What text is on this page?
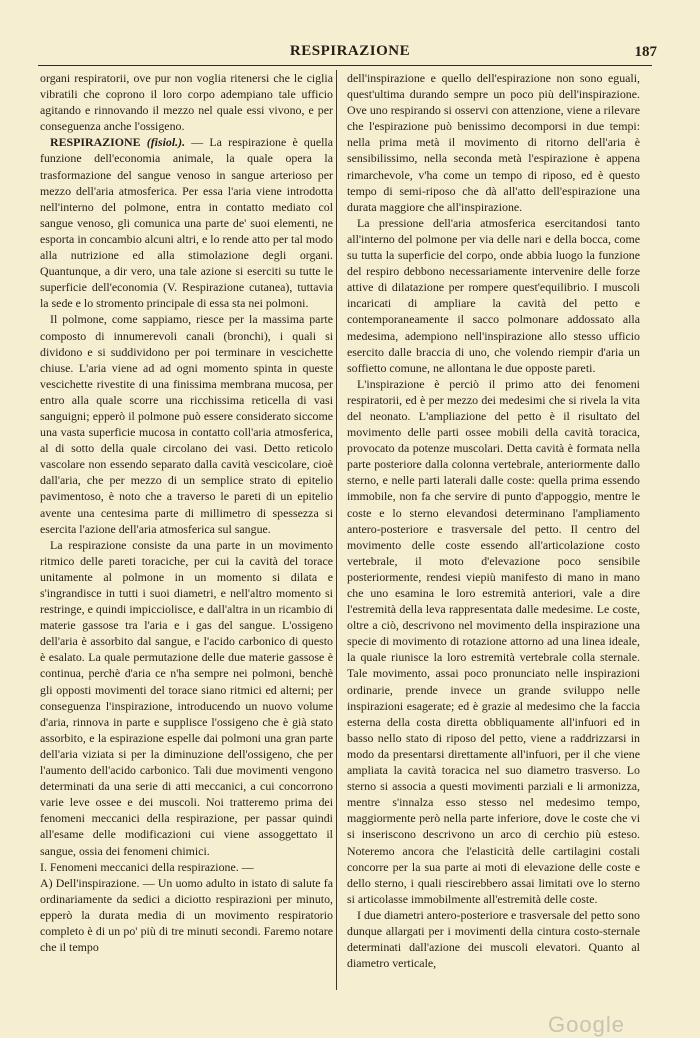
RESPIRAZIONE	187

organi respiratorii, ove pur non voglia ritenersi che le ciglia vibratili che coprono il loro corpo adempiano tale ufficio agitando e rinnovando il mezzo nel quale essi vivono, e per conseguenza anche l'ossigeno.

RESPIRAZIONE (fisiol.). — La respirazione è quella funzione dell'economia animale, la quale opera la trasformazione del sangue venoso in sangue arterioso per mezzo dell'aria atmosferica. Per essa l'aria viene introdotta nell'interno del polmone, entra in contatto mediato col sangue venoso, gli comunica una parte de' suoi elementi, ne esporta in concambio alcuni altri, e lo rende atto per tal modo alla nutrizione ed alla stimolazione degli organi. Quantunque, a dir vero, una tale azione si eserciti su tutte le superficie dell'economia (V. Respirazione cutanea), tuttavia la sede e lo stromento principale di essa sta nei polmoni.

Il polmone, come sappiamo, riesce per la massima parte composto di innumerevoli canali (bronchi), i quali si dividono e si suddividono per poi terminare in vescichette chiuse. L'aria viene ad ad ogni momento spinta in queste vescichette rivestite di una finissima membrana mucosa, per entro alla quale scorre una ricchissima reticella di vasi sanguigni; epperò il polmone può essere considerato siccome una vasta superficie mucosa in contatto coll'aria atmosferica, al di sotto della quale circolano dei vasi. Detto reticolo vascolare non essendo separato dalla cavità vescicolare, cioè dall'aria, che per mezzo di un semplice strato di epitelio pavimentoso, è noto che a traverso le pareti di un epitelio avente una centesima parte di millimetro di spessezza si esercita l'azione dell'aria atmosferica sul sangue.

La respirazione consiste da una parte in un movimento ritmico delle pareti toraciche, per cui la cavità del torace unitamente al polmone in un momento si dilata e s'ingrandisce in tutti i suoi diametri, e nell'altro momento si restringe, e quindi impicciolisce, e dall'altra in un ricambio di materie gassose tra l'aria e i gas del sangue. L'ossigeno dell'aria è assorbito dal sangue, e l'acido carbonico di questo è esalato. La quale permutazione delle due materie gassose è continua, perchè d'aria ce n'ha sempre nei polmoni, benchè gli opposti movimenti del torace siano ritmici ed alterni; per conseguenza l'inspirazione, introducendo un nuovo volume d'aria, rinnova in parte e supplisce l'ossigeno che è già stato assorbito, e la espirazione espelle dai polmoni una gran parte dell'aria viziata si per la diminuzione dell'ossigeno, che per l'aumento dell'acido carbonico. Tali due movimenti vengono determinati da una serie di atti meccanici, a cui concorrono varie leve ossee e dei muscoli. Noi tratteremo prima dei fenomeni meccanici della respirazione, per passar quindi all'esame delle modificazioni cui viene assoggettato il sangue, ossia dei fenomeni chimici.

I. Fenomeni meccanici della respirazione. —

A) Dell'inspirazione. — Un uomo adulto in istato di salute fa ordinariamente da sedici a diciotto respirazioni per minuto, epperò la durata media di un movimento respiratorio completo è di un po' più di tre minuti secondi. Faremo notare che il tempo

dell'inspirazione e quello dell'espirazione non sono eguali, quest'ultima durando sempre un poco più dell'inspirazione. Ove uno respirando si osservi con attenzione, viene a rilevare che l'espirazione può benissimo decomporsi in due tempi: nella prima metà il movimento di ritorno dell'aria è sensibilissimo, nella seconda metà l'espirazione è appena rimarchevole, v'ha come un tempo di riposo, ed è questo tempo di semi-riposo che dà all'atto dell'espirazione una durata maggiore che all'inspirazione.

La pressione dell'aria atmosferica esercitandosi tanto all'interno del polmone per via delle nari e della bocca, come su tutta la superficie del corpo, onde abbia luogo la funzione del respiro debbono necessariamente intervenire delle forze attive di dilatazione per rompere quest'equilibrio. I muscoli incaricati di ampliare la cavità del petto e contemporaneamente il sacco polmonare addossato alla medesima, adempiono nell'inspirazione allo stesso ufficio esercito dalle braccia di uno, che volendo riempir d'aria un soffietto comune, ne allontana le due opposte pareti.

L'inspirazione è perciò il primo atto dei fenomeni respiratorii, ed è per mezzo dei medesimi che si rivela la vita del neonato. L'ampliazione del petto è il risultato del movimento delle parti ossee mobili della cavità toracica, provocato da potenze muscolari. Detta cavità è formata nella parte posteriore dalla colonna vertebrale, anteriormente dallo sterno, e nelle parti laterali dalle coste: quella prima essendo immobile, non fa che servire di punto d'appoggio, mentre le coste e lo sterno elevandosi determinano l'ampliamento antero-posteriore e trasversale del petto. Il centro del movimento delle coste essendo all'articolazione costo vertebrale, il moto d'elevazione poco sensibile posteriormente, rendesi viepiù manifesto di mano in mano che uno esamina le loro estremità anteriori, vale a dire l'estremità della leva rappresentata dalle medesime. Le coste, oltre a ciò, descrivono nel movimento della inspirazione una specie di movimento di rotazione attorno ad una linea ideale, la quale riunisce la loro estremità vertebrale colla sternale. Tale movimento, assai poco pronunciato nelle inspirazioni ordinarie, prende invece un grande sviluppo nelle inspirazioni esagerate; ed è grazie al medesimo che la faccia esterna della costa diretta obbliquamente all'infuori ed in basso nello stato di riposo del petto, viene a raddrizzarsi in modo da presentarsi direttamente all'infuori, per il che viene ampliata la cavità toracica nel suo diametro trasverso. Lo sterno si associa a questi movimenti parziali e li armonizza, mentre s'innalza esso stesso nel medesimo tempo, maggiormente però nella parte inferiore, dove le coste che vi si inseriscono descrivono un arco di cerchio più esteso. Noteremo ancora che l'elasticità delle cartilagini costali concorre per la sua parte ai moti di elevazione delle coste e dello sterno, i quali riescirebbero assai limitati ove lo sterno si articolasse immobilmente all'estremità delle coste.

I due diametri antero-posteriore e trasversale del petto sono dunque allargati per i movimenti della cintura costo-sternale determinati dall'azione dei muscoli elevatori. Quanto al diametro verticale,

Google
